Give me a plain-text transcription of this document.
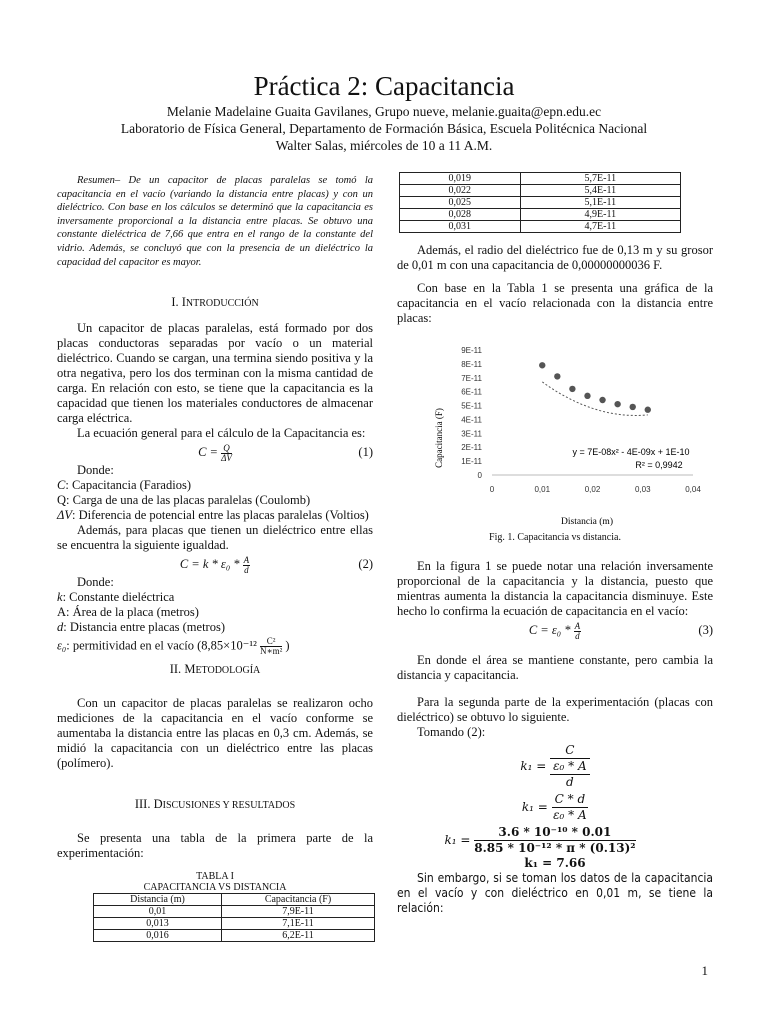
Práctica 2: Capacitancia
Melanie Madelaine Guaita Gavilanes, Grupo nueve, melanie.guaita@epn.edu.ec
Laboratorio de Física General, Departamento de Formación Básica, Escuela Politécnica Nacional
Walter Salas, miércoles de 10 a 11 A.M.

Resumen– De un capacitor de placas paralelas se tomó la capacitancia en el vacío (variando la distancia entre placas) y con un dieléctrico. Con base en los cálculos se determinó que la capacitancia es inversamente proporcional a la distancia entre placas. Se obtuvo una constante dieléctrica de 7,66 que entra en el rango de la constante del vidrio. Además, se concluyó que con la presencia de un dieléctrico la capacidad del capacitor es mayor.

I. INTRODUCCIÓN

Un capacitor de placas paralelas, está formado por dos placas conductoras separadas por vacío o un material dieléctrico. Cuando se cargan, una termina siendo positiva y la otra negativa, pero los dos terminan con la misma cantidad de carga. En relación con esto, se tiene que la capacitancia es la capacidad que tienen los materiales conductores de almacenar carga eléctrica.

La ecuación general para el cálculo de la Capacitancia es:

$C = \frac{Q}{\Delta V}$	(1)

Donde:

C: Capacitancia (Faradios)

Q: Carga de una de las placas paralelas (Coulomb)

ΔV: Diferencia de potencial entre las placas paralelas (Voltios)

Además, para placas que tienen un dieléctrico entre ellas se encuentra la siguiente igualdad.

$C = k * \varepsilon_0 * \frac{A}{d}$	(2)

Donde:

k: Constante dieléctrica

A: Área de la placa (metros)

d: Distancia entre placas (metros)

ε₀: permitividad en el vacío ($8,85\times 10^{-12} \frac{\text{C²}}{\text{N∗m²}}$ )

II. METODOLOGÍA

Con un capacitor de placas paralelas se realizaron ocho mediciones de la capacitancia en el vacío conforme se aumentaba la distancia entre las placas en 0,3 cm. Además, se midió la capacitancia con un dieléctrico entre las placas (polímero).

III. DISCUSIONES Y RESULTADOS

Se presenta una tabla de la primera parte de la experimentación:

TABLA I
CAPACITANCIA VS DISTANCIA
Distancia (m)	Capacitancia (F)
0,01	7,9E-11
0,013	7,1E-11
0,016	6,2E-11
0,019	5,7E-11
0,022	5,4E-11
0,025	5,1E-11
0,028	4,9E-11
0,031	4,7E-11

Además, el radio del dieléctrico fue de 0,13 m y su grosor de 0,01 m con una capacitancia de 0,00000000036 F.

Con base en la Tabla 1 se presenta una gráfica de la capacitancia en el vacío relacionada con la distancia entre placas:

0
1E-11
2E-11
3E-11
4E-11
5E-11
6E-11
7E-11
8E-11
9E-11
0	0,01	0,02	0,03	0,04
Capacitancia (F)
Distancia (m)
y = 7E-08x² - 4E-09x + 1E-10
R² = 0,9942
Fig. 1. Capacitancia vs distancia.

En la figura 1 se puede notar una relación inversamente proporcional de la capacitancia y la distancia, puesto que mientras aumenta la distancia la capacitancia disminuye. Este hecho lo confirma la ecuación de capacitancia en el vacío:

$C = \varepsilon_0 * \frac{A}{d}$	(3)

En donde el área se mantiene constante, pero cambia la distancia y capacitancia.

Para la segunda parte de la experimentación (placas con dieléctrico) se obtuvo lo siguiente.

Tomando (2):

$k_1 = \frac{C}{\frac{\text{ε₀ * A}}{d}}$
$k_1 = \frac{C * d}{\text{ε₀ * A}}$
$k_1 = \frac{\text{3.6 * 10⁻¹⁰ * 0.01}}{\text{8.85 * 10⁻¹² * π * (0.13)²}}$
k₁ = 7.66

Sin embargo, si se toman los datos de la capacitancia en el vacío y con dieléctrico en 0,01 m, se tiene la relación:

1
